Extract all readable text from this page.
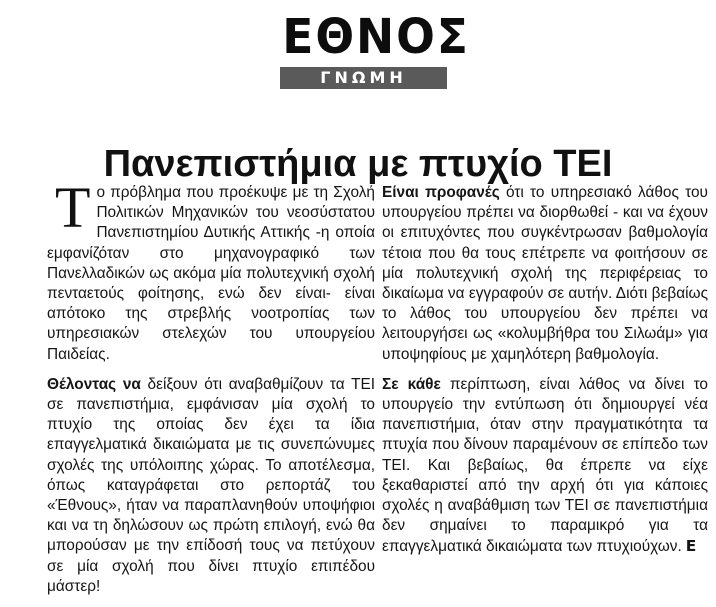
ΕΘΝΟΣ
ΓΝΩΜΗ
Πανεπιστήμια με πτυχίο ΤΕΙ

Τ ο πρόβλημα που προέκυψε με τη Σχολή Πολιτικών Μηχανικών του νεοσύστατου Πανεπιστημίου Δυτικής Αττικής -η οποία εμφανίζόταν στο μηχανογραφικό των Πανελλαδικών ως ακόμα μία πολυτεχνική σχολή πενταετούς φοίτησης, ενώ δεν είναι- είναι απότοκο της στρεβλής νοοτροπίας των υπηρεσιακών στελεχών του υπουργείου Παιδείας.

Θέλοντας να δείξουν ότι αναβαθμίζουν τα ΤΕΙ σε πανεπιστήμια, εμφάνισαν μία σχολή το πτυχίο της οποίας δεν έχει τα ίδια επαγγελματικά δικαιώματα με τις συνεπώνυμες σχολές της υπόλοιπης χώρας. Το αποτέλεσμα, όπως καταγράφεται στο ρεπορτάζ του «Έθνους», ήταν να παραπλανηθούν υποψήφιοι και να τη δηλώσουν ως πρώτη επιλογή, ενώ θα μπορούσαν με την επίδοσή τους να πετύχουν σε μία σχολή που δίνει πτυχίο επιπέδου μάστερ!

Είναι προφανές ότι το υπηρεσιακό λάθος του υπουργείου πρέπει να διορθωθεί - και να έχουν οι επιτυχόντες που συγκέντρωσαν βαθμολογία τέτοια που θα τους επέτρεπε να φοιτήσουν σε μία πολυτεχνική σχολή της περιφέρειας το δικαίωμα να εγγραφούν σε αυτήν. Διότι βεβαίως το λάθος του υπουργείου δεν πρέπει να λειτουργήσει ως «κολυμβήθρα του Σιλωάμ» για υποψηφίους με χαμηλότερη βαθμολογία.

Σε κάθε περίπτωση, είναι λάθος να δίνει το υπουργείο την εντύπωση ότι δημιουργεί νέα πανεπιστήμια, όταν στην πραγματικότητα τα πτυχία που δίνουν παραμένουν σε επίπεδο των ΤΕΙ. Και βεβαίως, θα έπρεπε να είχε ξεκαθαριστεί από την αρχή ότι για κάποιες σχολές η αναβάθμιση των ΤΕΙ σε πανεπιστήμια δεν σημαίνει το παραμικρό για τα επαγγελματικά δικαιώματα των πτυχιούχων. Ε
